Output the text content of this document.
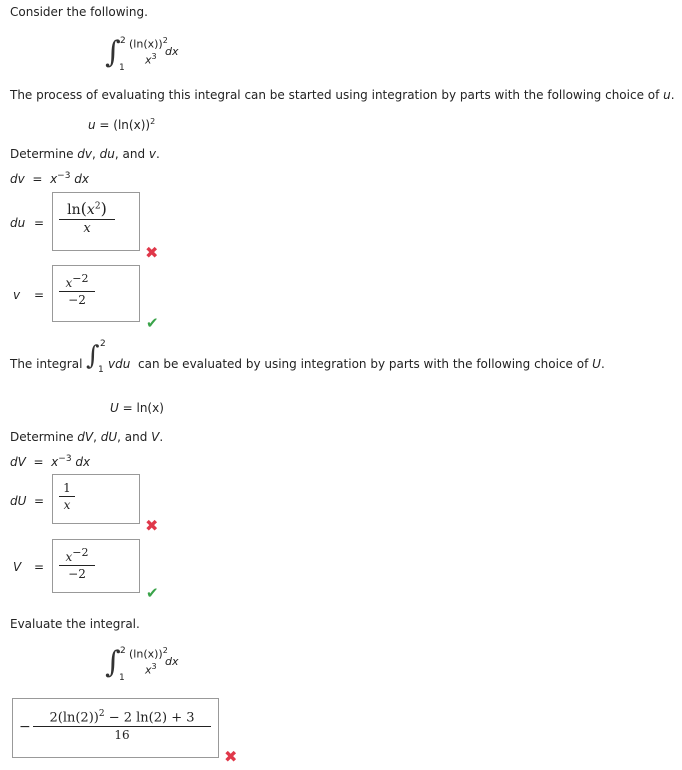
Consider the following.
∫ 2
1
$(\ln(x))^2$
$x^3$ dx
The process of evaluating this integral can be started using integration by parts with the following choice of u.
$u = (\ln(x))^2$
Determine dv, du, and v.
dv = $x^{-3}$ dx
du =
$\ln(x^2)$
x
✖
v =
$x^{-2}$
−2
✔
The integral ∫ 2
1 vdu can be evaluated by using integration by parts with the following choice of U.
U = ln(x)
Determine dV, dU, and V.
dV = $x^{-3}$ dx
dU =
1
x
✖
V =
$x^{-2}$
−2
✔
Evaluate the integral.
∫ 2
1
$(\ln(x))^2$
$x^3$ dx
−
$2(\ln(2))^2 - 2$ ln(2) + 3
16
✖
